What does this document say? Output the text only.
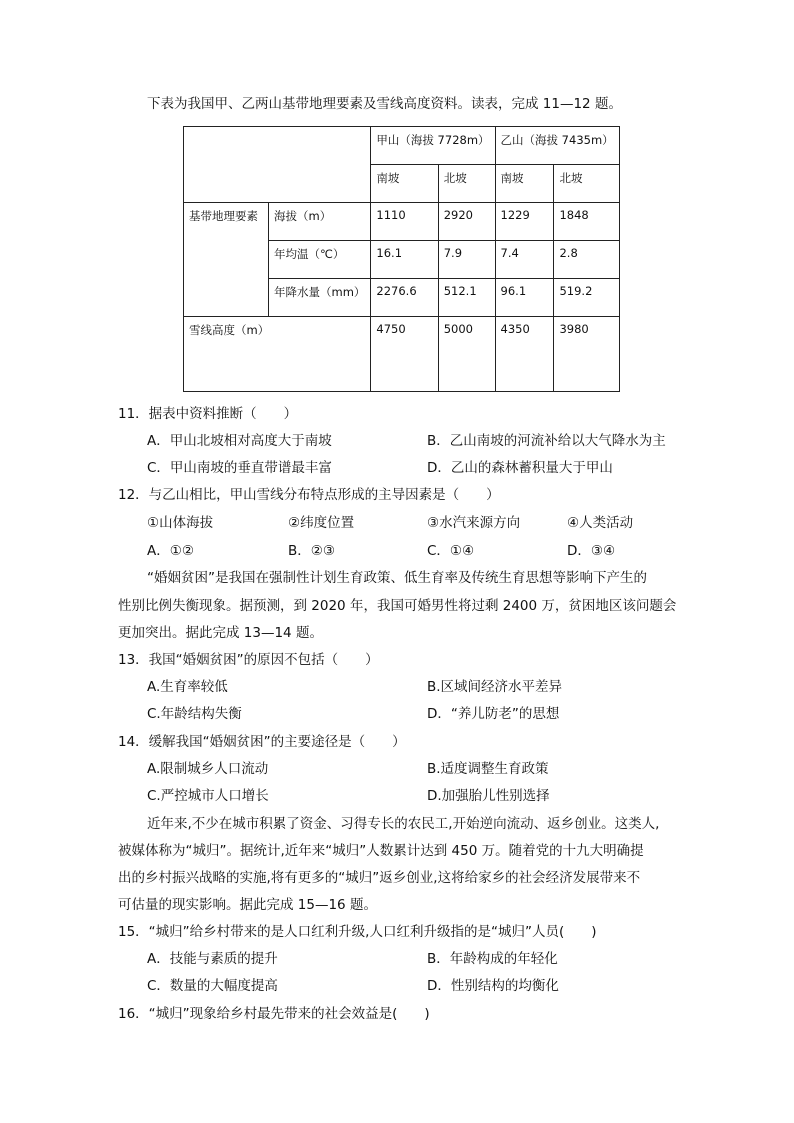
下表为我国甲、乙两山基带地理要素及雪线高度资料。读表，完成 11—12 题。
		甲山（海拔 7728m）		乙山（海拔 7435m）	
		南坡	北坡	南坡	北坡
基带地理要素	海拔（m）	1110	2920	1229	1848
	年均温（℃）	16.1	7.9	7.4	2.8
	年降水量（mm）	2276.6	512.1	96.1	519.2
雪线高度（m）		4750	5000	4350	3980
11．据表中资料推断（　　）
A．甲山北坡相对高度大于南坡	B．乙山南坡的河流补给以大气降水为主
C．甲山南坡的垂直带谱最丰富	D．乙山的森林蓄积量大于甲山
12．与乙山相比，甲山雪线分布特点形成的主导因素是（　　）
①山体海拔	②纬度位置	③水汽来源方向	④人类活动
A．①②	B．②③	C．①④	D．③④
“婚姻贫困”是我国在强制性计划生育政策、低生育率及传统生育思想等影响下产生的
性别比例失衡现象。据预测，到 2020 年，我国可婚男性将过剩 2400 万，贫困地区该问题会
更加突出。据此完成 13—14 题。
13．我国“婚姻贫困”的原因不包括（　　）
A.生育率较低	B.区域间经济水平差异
C.年龄结构失衡	D．“养儿防老”的思想
14．缓解我国“婚姻贫困”的主要途径是（　　）
A.限制城乡人口流动	B.适度调整生育政策
C.严控城市人口增长	D.加强胎儿性别选择
近年来,不少在城市积累了资金、习得专长的农民工,开始逆向流动、返乡创业。这类人,
被媒体称为“城归”。据统计,近年来“城归”人数累计达到 450 万。随着党的十九大明确提
出的乡村振兴战略的实施,将有更多的“城归”返乡创业,这将给家乡的社会经济发展带来不
可估量的现实影响。据此完成 15—16 题。
15．“城归”给乡村带来的是人口红利升级,人口红利升级指的是“城归”人员(　　)
A．技能与素质的提升	B．年龄构成的年轻化
C．数量的大幅度提高	D．性别结构的均衡化
16．“城归”现象给乡村最先带来的社会效益是(　　)
